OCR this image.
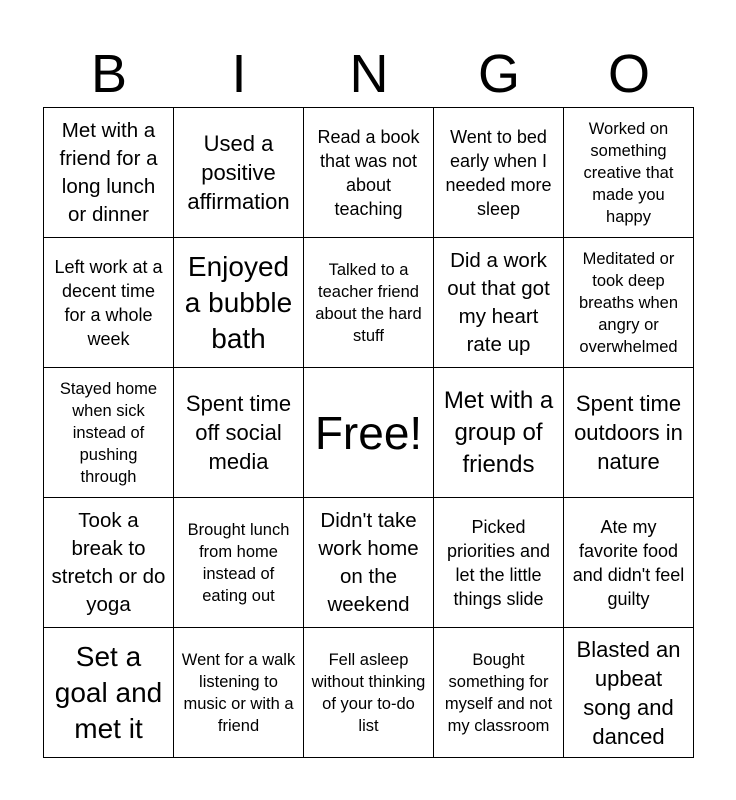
B	I	N	G	O
Met with a friend for a long lunch or dinner
Used a positive affirmation
Read a book that was not about teaching
Went to bed early when I needed more sleep
Worked on something creative that made you happy
Left work at a decent time for a whole week
Enjoyed a bubble bath
Talked to a teacher friend about the hard stuff
Did a work out that got my heart rate up
Meditated or took deep breaths when angry or overwhelmed
Stayed home when sick instead of pushing through
Spent time off social media
Free!
Met with a group of friends
Spent time outdoors in nature
Took a break to stretch or do yoga
Brought lunch from home instead of eating out
Didn't take work home on the weekend
Picked priorities and let the little things slide
Ate my favorite food and didn't feel guilty
Set a goal and met it
Went for a walk listening to music or with a friend
Fell asleep without thinking of your to-do list
Bought something for myself and not my classroom
Blasted an upbeat song and danced
